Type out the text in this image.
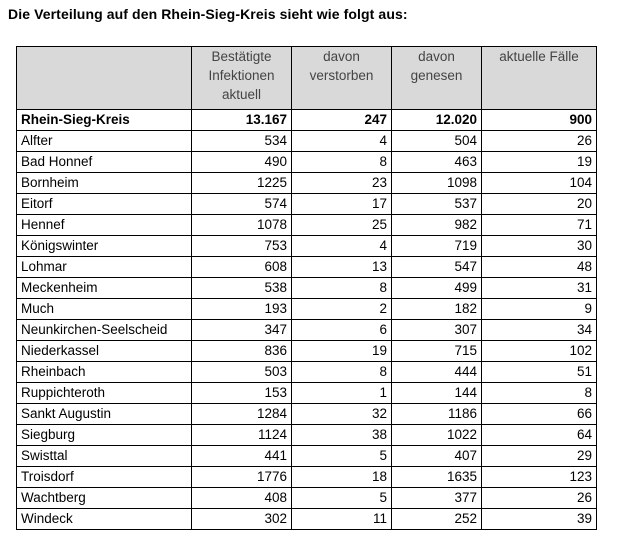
Die Verteilung auf den Rhein-Sieg-Kreis sieht wie folgt aus:
	Bestätigte Infektionen aktuell	davon verstorben	davon genesen	aktuelle Fälle
Rhein-Sieg-Kreis	13.167	247	12.020	900
Alfter	534	4	504	26
Bad Honnef	490	8	463	19
Bornheim	1225	23	1098	104
Eitorf	574	17	537	20
Hennef	1078	25	982	71
Königswinter	753	4	719	30
Lohmar	608	13	547	48
Meckenheim	538	8	499	31
Much	193	2	182	9
Neunkirchen-Seelscheid	347	6	307	34
Niederkassel	836	19	715	102
Rheinbach	503	8	444	51
Ruppichteroth	153	1	144	8
Sankt Augustin	1284	32	1186	66
Siegburg	1124	38	1022	64
Swisttal	441	5	407	29
Troisdorf	1776	18	1635	123
Wachtberg	408	5	377	26
Windeck	302	11	252	39
